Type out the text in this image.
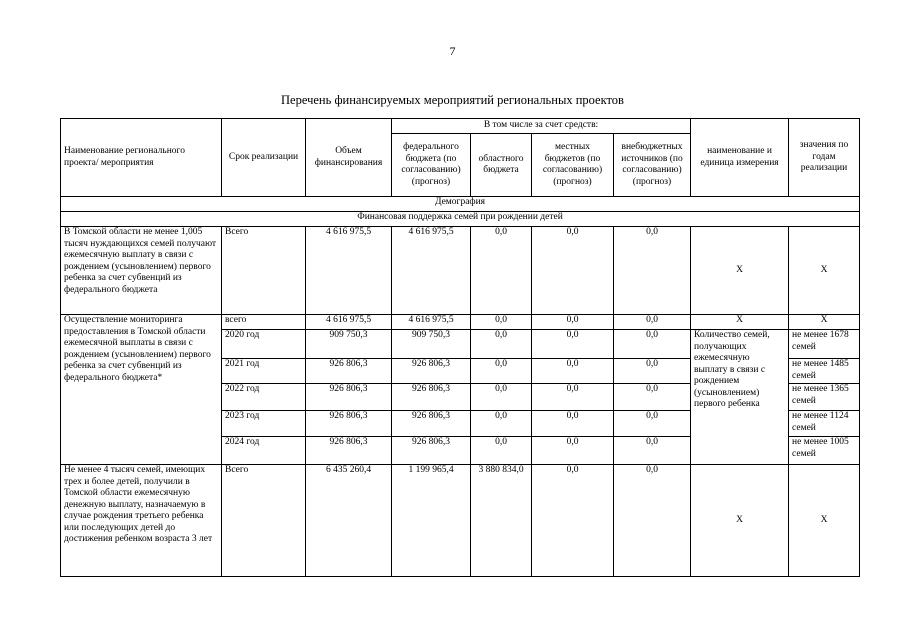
7
Перечень финансируемых мероприятий региональных проектов
Наименование регионального проекта/ мероприятия	Срок реализации	Объем финансирования	В том числе за счет средств:				наименование и единица измерения	значения по годам реализации
			федерального бюджета (по согласованию) (прогноз)	областного бюджета	местных бюджетов (по согласованию) (прогноз)	внебюджетных источников (по согласованию) (прогноз)		
Демография								
Финансовая поддержка семей при рождении детей								
В Томской области не менее 1,005 тысяч нуждающихся семей получают ежемесячную выплату в связи с рождением (усыновлением) первого ребенка за счет субвенций из федерального бюджета	Всего	4 616 975,5	4 616 975,5	0,0	0,0	0,0	X	X
Осуществление мониторинга предоставления в Томской области ежемесячной выплаты в связи с рождением (усыновлением) первого ребенка за счет субвенций из федерального бюджета*	всего	4 616 975,5	4 616 975,5	0,0	0,0	0,0	X	X
	2020 год	909 750,3	909 750,3	0,0	0,0	0,0	Количество семей, получающих ежемесячную выплату в связи с рождением (усыновлением) первого ребенка	не менее 1678 семей
	2021 год	926 806,3	926 806,3	0,0	0,0	0,0		не менее 1485 семей
	2022 год	926 806,3	926 806,3	0,0	0,0	0,0		не менее 1365 семей
	2023 год	926 806,3	926 806,3	0,0	0,0	0,0		не менее 1124 семей
	2024 год	926 806,3	926 806,3	0,0	0,0	0,0		не менее 1005 семей
Не менее 4 тысяч семей, имеющих трех и более детей, получили в Томской области ежемесячную денежную выплату, назначаемую в случае рождения третьего ребенка или последующих детей до достижения ребенком возраста 3 лет	Всего	6 435 260,4	1 199 965,4	3 880 834,0	0,0	0,0	X	X
